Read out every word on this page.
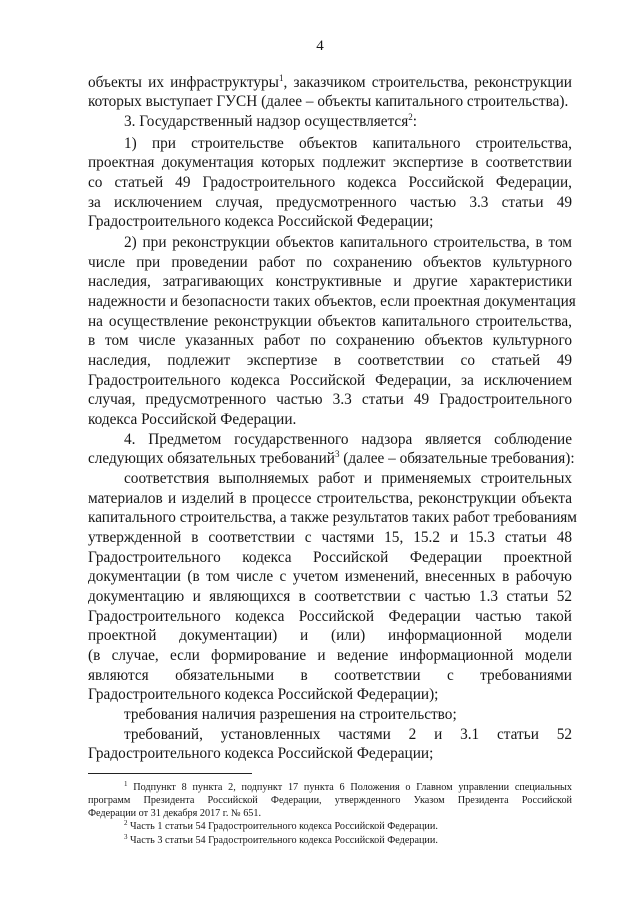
4
объекты их инфраструктуры$^1$, заказчиком строительства, реконструкции
которых выступает ГУСН (далее – объекты капитального строительства).
3. Государственный надзор осуществляется$^2$:
1) при строительстве объектов капитального строительства,
проектная документация которых подлежит экспертизе в соответствии
со статьей 49 Градостроительного кодекса Российской Федерации,
за исключением случая, предусмотренного частью 3.3 статьи 49
Градостроительного кодекса Российской Федерации;
2) при реконструкции объектов капитального строительства, в том
числе при проведении работ по сохранению объектов культурного
наследия, затрагивающих конструктивные и другие характеристики
надежности и безопасности таких объектов, если проектная документация
на осуществление реконструкции объектов капитального строительства,
в том числе указанных работ по сохранению объектов культурного
наследия, подлежит экспертизе в соответствии со статьей 49
Градостроительного кодекса Российской Федерации, за исключением
случая, предусмотренного частью 3.3 статьи 49 Градостроительного
кодекса Российской Федерации.
4. Предметом государственного надзора является соблюдение
следующих обязательных требований$^3$ (далее – обязательные требования):
соответствия выполняемых работ и применяемых строительных
материалов и изделий в процессе строительства, реконструкции объекта
капитального строительства, а также результатов таких работ требованиям
утвержденной в соответствии с частями 15, 15.2 и 15.3 статьи 48
Градостроительного кодекса Российской Федерации проектной
документации (в том числе с учетом изменений, внесенных в рабочую
документацию и являющихся в соответствии с частью 1.3 статьи 52
Градостроительного кодекса Российской Федерации частью такой
проектной документации) и (или) информационной модели
(в случае, если формирование и ведение информационной модели
являются обязательными в соответствии с требованиями
Градостроительного кодекса Российской Федерации);
требования наличия разрешения на строительство;
требований, установленных частями 2 и 3.1 статьи 52
Градостроительного кодекса Российской Федерации;
$^1$ Подпункт 8 пункта 2, подпункт 17 пункта 6 Положения о Главном управлении специальных
программ Президента Российской Федерации, утвержденного Указом Президента Российской
Федерации от 31 декабря 2017 г. № 651.
$^2$ Часть 1 статьи 54 Градостроительного кодекса Российской Федерации.
$^3$ Часть 3 статьи 54 Градостроительного кодекса Российской Федерации.
